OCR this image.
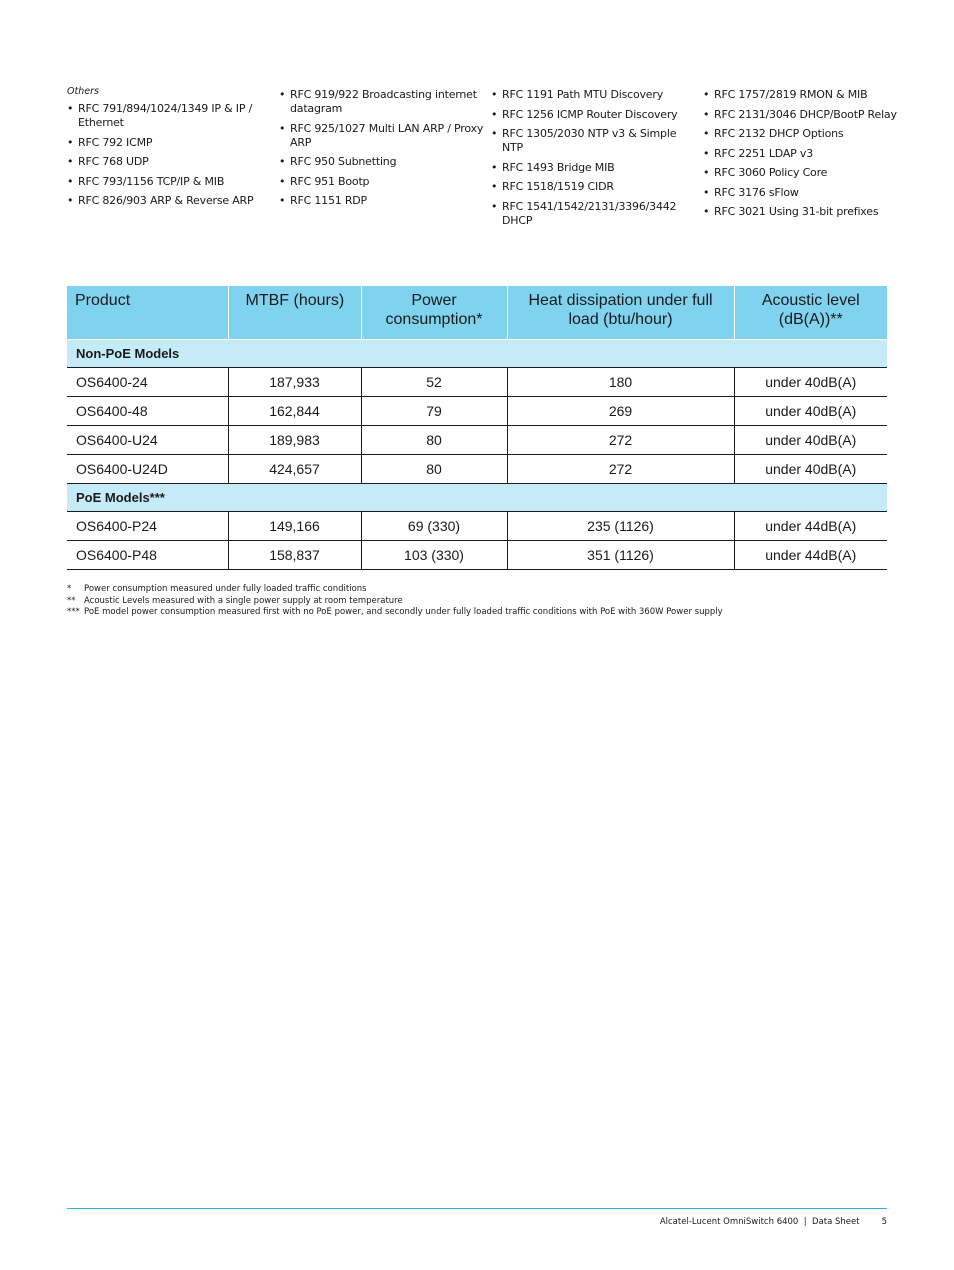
Others

• RFC 791/894/1024/1349 IP & IP / Ethernet
• RFC 792 ICMP
• RFC 768 UDP
• RFC 793/1156 TCP/IP & MIB
• RFC 826/903 ARP & Reverse ARP
• RFC 919/922 Broadcasting internet datagram
• RFC 925/1027 Multi LAN ARP / Proxy ARP
• RFC 950 Subnetting
• RFC 951 Bootp
• RFC 1151 RDP
• RFC 1191 Path MTU Discovery
• RFC 1256 ICMP Router Discovery
• RFC 1305/2030 NTP v3 & Simple NTP
• RFC 1493 Bridge MIB
• RFC 1518/1519 CIDR
• RFC 1541/1542/2131/3396/3442 DHCP
• RFC 1757/2819 RMON & MIB
• RFC 2131/3046 DHCP/BootP Relay
• RFC 2132 DHCP Options
• RFC 2251 LDAP v3
• RFC 3060 Policy Core
• RFC 3176 sFlow
• RFC 3021 Using 31-bit prefixes
Product	MTBF (hours)	Power consumption*	Heat dissipation under full load (btu/hour)	Acoustic level (dB(A))**
Non-PoE Models				
OS6400-24	187,933	52	180	under 40dB(A)
OS6400-48	162,844	79	269	under 40dB(A)
OS6400-U24	189,983	80	272	under 40dB(A)
OS6400-U24D	424,657	80	272	under 40dB(A)
PoE Models***				
OS6400-P24	149,166	69 (330)	235 (1126)	under 44dB(A)
OS6400-P48	158,837	103 (330)	351 (1126)	under 44dB(A)
* Power consumption measured under fully loaded traffic conditions
** Acoustic Levels measured with a single power supply at room temperature
*** PoE model power consumption measured first with no PoE power, and secondly under fully loaded traffic conditions with PoE with 360W Power supply
Alcatel-Lucent OmniSwitch 6400  |  Data Sheet	5
